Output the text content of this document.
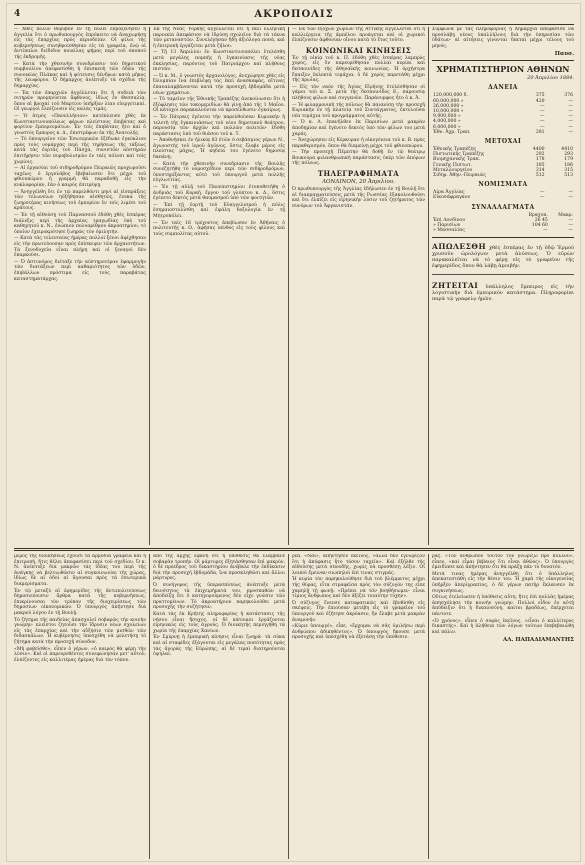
4	ΑΚΡΟΠΟΛΙΣ

— Χθὲς πολὺν θόρυβον ἐν τῇ πόλει ἐπροξένησεν ἡ ἀγγελία ὅτι ὁ πρωθυπουργὸς ἐπρόκειτο νὰ ἀναχωρήσῃ εἰς τὰς ἐπαρχίας πρὸς περιοδείαν. Οἱ φίλοι τῆς κυβερνήσεως συνηθροίσθησαν εἰς τὰ γραφεῖα, ἐνῷ οἱ ἀντίπαλοι διέδιδον ποικίλας φήμας περὶ τοῦ σκοποῦ τῆς ἐκδρομῆς.

— Κατὰ τὴν χθεσινὴν συνεδρίασιν τοῦ δημοτικοῦ συμβουλίου ἀπεφασίσθη ἡ ἐπισκευὴ τῶν ὁδῶν τῆς συνοικίας Πλάκας καὶ ἡ φύτευσις δένδρων κατὰ μῆκος τῆς λεωφόρου. Ὁ δήμαρχος ἀνέπτυξε τὰ σχέδια τῆς δημαρχίας.

— Ἐκ τῶν ἐπαρχιῶν ἀγγέλλεται ὅτι ἡ σοδειὰ τῶν σιτηρῶν προμηνύεται ἄφθονος, ἰδίως ἐν Θεσσαλίᾳ, ὅπου αἱ βροχαὶ τοῦ Μαρτίου ὑπῆρξαν λίαν εὐεργετικαί. Οἱ γεωργοὶ ἐλπίζουσιν εἰς καλὰς τιμάς.

— Ὁ ἀτμὸς «Πανελλήνιον» κατέπλευσε χθὲς ἐκ Κωνσταντινουπόλεως φέρων πλείστους ἐπιβάτας καὶ φορτίον ἐμπορευμάτων. Ἐν τοῖς ἐπιβάταις ἦτο καὶ ὁ γνωστὸς ἔμπορος κ. Δ., ἐπιστρέφων ἐκ τῆς Ἀνατολῆς.

— Τὸ ὑπουργεῖον τῶν Ἐσωτερικῶν ἐξέδωκε ἐγκύκλιον πρὸς τοὺς νομάρχας περὶ τῆς τηρήσεως τῆς τάξεως κατὰ τὰς ἑορτὰς τοῦ Πάσχα, συνιστῶν αὐστηρὰν ἐπιτήρησιν τῶν πυροβολισμῶν ἐν ταῖς πόλεσι καὶ τοῖς χωρίοις.

— Αἱ ἐργασίαι τοῦ σιδηροδρόμου Πειραιῶς προχωροῦσι ταχέως· ὁ ἐργολάβος ἐβεβαίωσεν ὅτι μέχρι τοῦ φθινοπώρου ἡ γραμμὴ θὰ παραδοθῇ εἰς τὴν κυκλοφορίαν, ἐὰν ὁ καιρὸς ἐπιτρέψῃ.

— Ἀνηγγέλθη ὅτι ἐν τῷ παρελθόντι μηνὶ αἱ εἰσπράξεις τῶν τελωνείων ηὐξήθησαν αἰσθητῶς, ἕνεκα τῆς ζωηροτέρας κινήσεως τοῦ ἐμπορίου ἐν τοῖς λιμέσι τοῦ κράτους.

— Ἐν τῇ αἰθούσῃ τοῦ Παρνασσοῦ ἐδόθη χθὲς ἑσπέρας διάλεξις περὶ τῆς ἀρχαίας τραγῳδίας ὑπὸ τοῦ καθηγητοῦ κ. Ν., ἐνώπιον πολυαρίθμου ἀκροατηρίου, τὸ ὁποῖον ἐχειροκρότησε ζωηρῶς τὸν ὁμιλητήν.

— Κατὰ τὰς τελευταίας ἡμέρας πολλοὶ ξένοι ἀφίχθησαν εἰς τὴν πρωτεύουσαν πρὸς ἐπίσκεψιν τῶν ἀρχαιοτήτων. Τὰ ξενοδοχεῖα εἶναι πλήρη καὶ οἱ ξεναγοὶ δὲν ἐπαρκοῦσι.

— Ὁ ἀστυνόμος διέταξε τὴν αὐστηροτέραν ἐφαρμογὴν τῶν διατάξεων περὶ καθαριότητος τῶν ὁδῶν, ἐπιβάλλων πρόστιμα εἰς τοὺς παραβάτας καταστηματάρχας.

Ἐκ τῆς Νέας Ὑόρκης ἀγγέλλεται ὅτι ἡ ἐκεῖ ἑλληνικὴ παροικία ἀπεφάσισε νὰ ἱδρύσῃ σχολεῖον διὰ τὰ τέκνα τῶν μεταναστῶν. Συνελέγησαν ἤδη ἀξιόλογα ποσά, καὶ ἡ ἐπιτροπὴ ἐργάζεται μετὰ ζήλου.

— Τῇ 13 Ἀπριλίου ἐν Κωνσταντινουπόλει ἐτελέσθη μετὰ μεγάλης πομπῆς ἡ ἐγκαινίασις τῆς νέας ἐκκλησίας, παρόντος τοῦ Πατριάρχου καὶ πλήθους πιστῶν.

— Ὁ κ. Μ., ὁ γνωστὸς ἀρχαιολόγος, ἀνεχώρησε χθὲς εἰς Ὀλυμπίαν ἵνα ἐπιβλέψῃ τὰς ἐκεῖ ἀνασκαφάς, αἵτινες ἐπαναλαμβάνονται κατὰ τὴν προσεχῆ ἑβδομάδα μετὰ νέων χρημάτων.

— Τὸ ταμεῖον τῆς Ἐθνικῆς Τραπέζης ἀνεκοίνωσεν ὅτι ἡ ἐξόφλησις τῶν τοκομεριδίων θὰ γίνῃ ἀπὸ τῆς 1 Μαΐου. Οἱ κάτοχοι παρακαλοῦνται νὰ προσέλθωσιν ἐγκαίρως.

— Ἐν Πάτραις ἐγένετο τὴν παρελθοῦσαν Κυριακὴν ἡ τελετὴ τῆς ἐγκαινιάσεως τοῦ νέου δημοτικοῦ θεάτρου, παρουσίᾳ τῶν ἀρχῶν καὶ πολλῶν πολιτῶν· ἐδόθη παράστασις ὑπὸ τοῦ θιάσου τοῦ κ. Τ.

— Ἀποθνήσκει ἐν ἡλικίᾳ 83 ἐτῶν ὁ σεβάσμιος γέρων Ν., ἀγωνιστὴς τοῦ ἱεροῦ ἀγῶνος, ὅστις ἔλαβε μέρος εἰς πλείστας μάχας. Ἡ κηδεία του ἐγένετο δημοσίᾳ δαπάνῃ.

— Κατὰ τὴν χθεσινὴν συνεδρίασιν τῆς Βουλῆς συνεζητήθη τὸ νομοσχέδιον περὶ τῶν σιδηροδρόμων, ὑποστηρίξαντος αὐτὸ τοῦ ὑπουργοῦ μετὰ πολλῆς εὐγλωττίας.

— Ἐν τῇ αὐλῇ τοῦ Πανεπιστημίου ἐτοποθετήθη ὁ ἀνδριὰς τοῦ Κοραῆ, ἔργον τοῦ γλύπτου κ. Δ., ὅστις ἐγένετο δεκτὸς μετὰ θαυμασμοῦ ὑπὸ τῶν φοιτητῶν.

— Ἐπὶ τῇ ἑορτῇ τοῦ Εὐαγγελισμοῦ ἡ πόλις ἐσημαιοστολίσθη καὶ ἐψάλη δοξολογία ἐν τῇ Μητροπόλει.

— Ἐν ταῖς 16 τρέχοντος ἀπεβίωσεν ἐν Ἀθήναις ὁ πολιτευτὴς κ. Ο., ἀφήσας πένθος εἰς τοὺς φίλους καὶ τοὺς συμπολίτας αὐτοῦ.

— Ἐκ τῶν ἐξόχων χωρίων τῆς Ἀττικῆς ἀγγέλλεται ὅτι ἡ καλλιέργεια τῆς ἀμπέλου προάγεται καὶ οἱ χωρικοὶ ἐλπίζουσιν ἀφθονίαν οἴνου κατὰ τὸ ἔτος τοῦτο.

ΚΟΙΝΩΝΙΚΑΙ ΚΙΝΗΣΕΙΣ

Ἐν τῇ οἰκίᾳ τοῦ κ. Π. ἐδόθη χθὲς ἑσπέρας λαμπρὸς χορός, εἰς ὃν παρευρέθησαν πολλαὶ κυρίαι καὶ δεσποινίδες τῆς ἀθηναϊκῆς κοινωνίας. Ἡ ὀρχήστρα ἔπαιξεν ἐκλεκτὰ τεμάχια, ὁ δὲ χορὸς παρετάθη μέχρι τῆς πρωΐας.

— Εἰς τὸν ναὸν τῆς Ἁγίας Εἰρήνης ἐτελέσθησαν οἱ γάμοι τοῦ κ. Σ. μετὰ τῆς δεσποινίδος Ε., παρουσίᾳ πλήθους φίλων καὶ συγγενῶν. Παράνυμφος ἦτο ὁ κ. Ἀ.

— Ἡ φιλαρμονικὴ τῆς πόλεως θὰ παιανίσῃ τὴν προσεχῆ Κυριακὴν ἐν τῇ πλατείᾳ τοῦ Συντάγματος, ἐκτελοῦσα νέα τεμάχια τοῦ προγράμματος αὐτῆς.

— Ὁ κ. Λ. ἐπανῆλθεν ἐκ Παρισίων μετὰ μακρὰν ἀποδημίαν καὶ ἐγένετο δεκτὸς ὑπὸ τῶν φίλων του μετὰ χαρᾶς.

— Ἀνεχώρησεν εἰς Κέρκυραν ἡ οἰκογένεια τοῦ κ. Β. πρὸς παραθερισμόν, ὅπου θὰ διαμείνῃ μέχρι τοῦ φθινοπώρου.

— Τὴν προσεχῆ Πέμπτην θὰ δοθῇ ἐν τῷ θεάτρῳ Βουκούρα φιλανθρωπικὴ παράστασις ὑπὲρ τῶν ἀπόρων τῆς πόλεως.

ΤΗΛΕΓΡΑΦΗΜΑΤΑ
ΛΟΝΔΙΝΟΝ, 20 Ἀπριλίου.

Ὁ πρωθυπουργὸς τῆς Ἀγγλίας ἐδήλωσεν ἐν τῇ Βουλῇ ὅτι αἱ διαπραγματεύσεις μετὰ τῆς Ρωσσίας ἐξακολουθοῦσι καὶ ὅτι ἐλπίζει εἰς εἰρηνικὴν λύσιν τοῦ ζητήματος τῶν συνόρων τοῦ Ἀφγανιστάν.

Σύμφωνα μὲ τὰς πληροφορίας ἡ Δημαρχία ἀπεφάσισε νὰ προσλάβῃ νέους ὑπαλλήλους διὰ τὴν ὑπηρεσίαν τῶν ὑδάτων· αἱ αἰτήσεις γίνονται δεκταὶ μέχρι τέλους τοῦ μηνός.

Παυσ.
ΧΡΗΜΑΤΙΣΤΗΡΙΟΝ ΑΘΗΝΩΝ
20 Ἀπριλίου 1884.
ΔΑΝΕΙΑ
120,000,000 δ.	375	376
60,000,000 »	420	—
26,000,000 »	—	—
10,000,000 »	—	—
9,000,000 »	—	—
4,000,000 »	—	—
6,000,000 »	—	—
Ἐθν. Ἀχρ. Τραπ.	281	—
ΜΕΤΟΧΑΙ
Ἐθνικῆς Τραπέζης	4400	4410
Πιστωτικῆς Τραπέζης	292	293
Βιομηχανικῆς Τραπ.	178	179
Γενικῆς Πιστωτ.	185	186
Μεταλλουργείου	314	315
Σιδηρ. Ἀθην.-Πειραιῶς	512	513
ΝΟΜΙΣΜΑΤΑ
Λίρα Ἀγγλίας	—	—
Εἰκοσάφραγκον	—	—
ΣΥΝΑΛΛΑΓΜΑΤΑ
	Βραχυπ.	Μακρ.
Ἐπὶ Λονδίνου	26 45	—
» Παρισίων	104 60	—
» Μασσαλίας	—	—

ΑΠΩΛΕΣΘΗ χθὲς ἑσπέρας ἐν τῇ ὁδῷ Ἑρμοῦ χρυσοῦν ὡρολόγιον μετὰ ἁλύσεως. Ὁ εὑρὼν παρακαλεῖται νὰ τὸ φέρῃ εἰς τὸ γραφεῖον τῆς ἐφημερίδος ὅπου θὰ λάβῃ ἀμοιβήν.

ΖΗΤΕΙΤΑΙ ὑπάλληλος ἔμπειρος εἰς τὴν λογιστικὴν διὰ ἐμπορικὸν κατάστημα. Πληροφορίαι παρὰ τῷ γραφείῳ ἡμῶν.

μὲρος τῆς διοικήσεως ἔχουσι τὰ ἀρμόδια γραφεῖα καὶ ἡ ἐπιτροπή, ἥτις θέλει ἀποφασίσει περὶ τοῦ σχεδίου. Ὁ κ. Ν. ἀνέπτυξε διὰ μακρῶν τὰς ἰδέας του περὶ τῆς ἀνάγκης νὰ βελτιωθῶσιν αἱ συγκοινωνίαι τῆς χώρας, ἰδίως δὲ αἱ ὁδοὶ αἱ ἄγουσαι πρὸς τὰ ἐσωτερικὰ διαμερίσματα.

Ἐν τῷ μεταξὺ αἱ ἐφημερίδες τῆς ἀντιπολιτεύσεως δημοσιεύουσιν ἄρθρα κατὰ τῆς κυβερνήσεως, ἐπικρίνουσαι τὸν τρόπον τῆς διαχειρίσεως τῶν δημοσίων οἰκονομικῶν. Ὁ ὑπουργὸς ἀπήντησε διὰ μακροῦ λόγου ἐν τῇ Βουλῇ.

Τὸ ζήτημα τῆς παιδείας ἀπασχολεῖ σοβαρῶς τὴν κοινὴν γνώμην· πλεῖστοι ζητοῦσι τὴν ἵδρυσιν νέων σχολείων εἰς τὰς ἐπαρχίας καὶ τὴν αὔξησιν τῶν μισθῶν τῶν διδασκάλων. Ἡ κυβέρνησις ὑπεσχέθη νὰ μελετήσῃ τὸ ζήτημα κατὰ τὴν προσεχῆ σύνοδον.

«Μὴ φοβεῖσθε», εἶπεν ὁ γέρων, «ὁ καιρὸς θὰ φέρῃ τὴν λύσιν». Καὶ οἱ παρευρεθέντες συνεφώνησαν μετ' αὐτοῦ, ἐλπίζοντες εἰς καλλιτέρας ἡμέρας διὰ τὸν τόπον.

ἀπὸ τῆς ἀρχῆς ἐφάνη ὅτι ἡ ὑπόθεσις θὰ ἐλάμβανε σοβαρὰν τροπήν. Οἱ μάρτυρες ἐξητάσθησαν ἐπὶ μακρόν, ὁ δὲ πρόεδρος τοῦ δικαστηρίου ἀνέβαλε τὴν ἐκδίκασιν διὰ τὴν προσεχῆ ἑβδομάδα, ἵνα προσκληθῶσι καὶ ἄλλοι μάρτυρες.

Ὁ συνήγορος τῆς ὑπερασπίσεως ἀνέπτυξε μετὰ δεινότητος τὰ ἐπιχειρήματά του, προσπαθῶν νὰ ἀποδείξῃ ὅτι ὁ κατηγορούμενος δὲν εἶχε γνῶσιν τῶν πραττομένων. Τὸ ἀκροατήριον παρηκολούθει μετὰ προσοχῆς τὴν συζήτησιν.

Κατὰ τὰς ἐκ Κρήτης πληροφορίας ἡ κατάστασις τῆς νήσου εἶναι ἥσυχος, οἱ δὲ κάτοικοι ἐργάζονται εἰρηνικῶς εἰς τοὺς ἀγρούς. Ὁ διοικητὴς περιηγήθη τὰ χωρία τῆς ἐπαρχίας Χανίων.

Ἐν Σμύρνῃ ἡ ἐμπορικὴ κίνησις εἶναι ζωηρά· τὰ σῦκα καὶ αἱ σταφίδες ἐξάγονται εἰς μεγάλας ποσότητας πρὸς τὰς ἀγορὰς τῆς Εὐρώπης, αἱ δὲ τιμαὶ διατηροῦνται ὑψηλαί.

ρέα. «Ναί», ἀπήντησεν ἐκεῖνος, «ἀλλὰ δὲν ἐγνώριζον ὅτι ἡ ἀπόφασις ἦτο τόσον ταχεῖα». Καὶ ἐξῆλθε τῆς αἰθούσης μετὰ σπουδῆς, χωρὶς νὰ προσθέσῃ λέξιν. Οἱ λοιποὶ ἔμειναν σιωπηλοὶ ἐπί τινας στιγμάς.

Ἡ κυρία τὸν παρηκολούθησε διὰ τοῦ βλέμματος μέχρι τῆς θύρας, εἶτα στραφεῖσα πρὸς τὸν σύζυγόν της εἶπε χαμηλῇ τῇ φωνῇ: «Πρέπει νὰ τὸν βοηθήσωμεν· εἶναι τίμιος ἄνθρωπος καὶ δὲν ἀξίζει τοιαύτην τύχην».

Ὁ σύζυγος ἔνευσε καταφατικῶς καὶ ἐβυθίσθη εἰς σκέψεις. Τὴν ἐπιοῦσαν μετέβη εἰς τὸ γραφεῖον τοῦ ὑπουργοῦ καὶ ἐζήτησε ἀκρόασιν, ἣν ἔλαβε μετὰ μακρὰν ἀναμονήν.

«Κύριε ὑπουργέ», εἶπε, «ἔρχομαι νὰ σᾶς ὁμιλήσω περὶ ἀνθρώπου ἀδικηθέντος». Ὁ ὑπουργὸς ἤκουσε μετὰ προσοχῆς καὶ ὑπεσχέθη νὰ ἐξετάσῃ τὴν ὑπόθεσιν.

ρας. «Τὸν ἄνθρωπον τοῦτον τὸν γνωρίζω πρὸ πολλοῦ», εἶπεν, «καὶ εἶμαι βέβαιος ὅτι εἶναι ἀθῶος». Ὁ ὑπουργὸς ἐμειδίασε καὶ ἀπήντησεν ὅτι θὰ πράξῃ πᾶν τὸ δυνατόν.

Μετά τινας ἡμέρας ἀνηγγέλθη ὅτι ὁ ὑπάλληλος ἀπεκατεστάθη εἰς τὴν θέσιν του. Ἡ χαρὰ τῆς οἰκογενείας ὑπῆρξεν ἀπερίγραπτος, ὁ δὲ γέρων πατὴρ ἔκλαυσεν ἐκ συγκινήσεως.

Οὕτως ἐτελείωσεν ἡ ὑπόθεσις αὕτη, ἥτις ἐπὶ πολλὰς ἡμέρας ἀπησχόλησε τὴν κοινὴν γνώμην. Πολλοὶ εἶδον ἐν αὐτῇ ἀπόδειξιν ὅτι ἡ δικαιοσύνη, καίτοι βραδέως, ἐπέρχεται πάντοτε.

«Ὁ χρόνος», εἶπεν ὁ σοφὸς ἐκεῖνος, «εἶναι ὁ καλλίτερος δικαστής». Καὶ ἡ ἀλήθεια τῶν λόγων τούτων ἐπεβεβαιώθη καὶ πάλιν.

ΑΛ. ΠΑΠΑΔΙΑΜΑΝΤΗΣ
